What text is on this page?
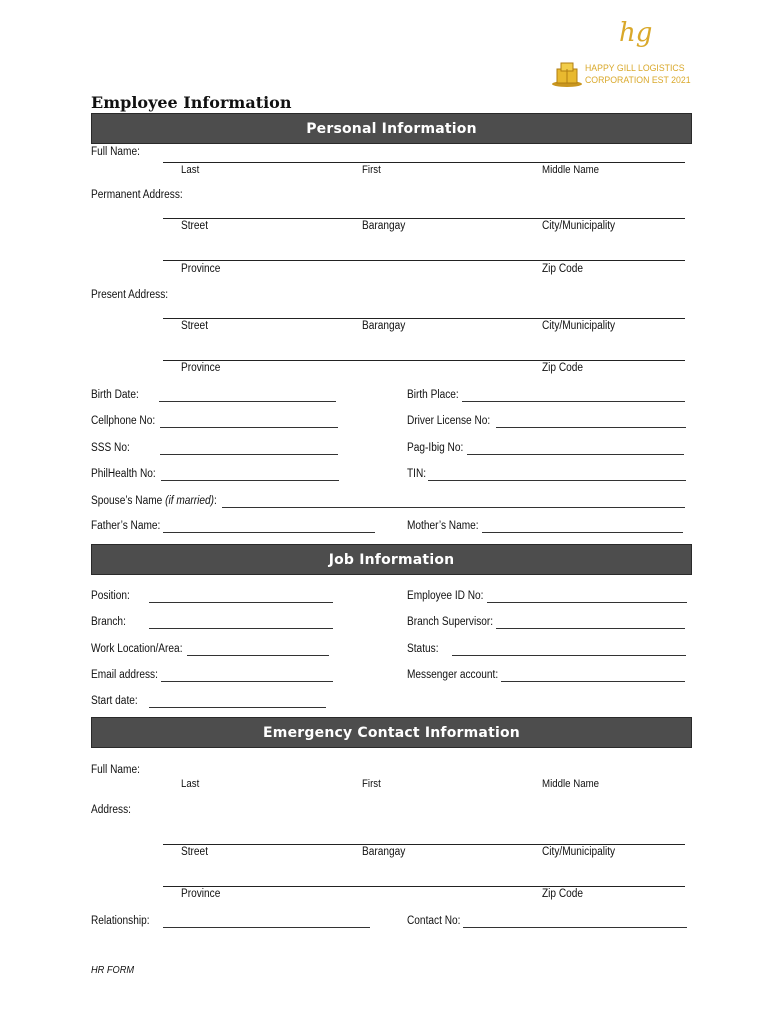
hg
HAPPY GILL LOGISTICS
CORPORATION EST 2021
Employee Information
Personal Information
Full Name:
Last	First	Middle Name
Permanent Address:
Street	Barangay	City/Municipality
Province	Zip Code
Present Address:
Street	Barangay	City/Municipality
Province	Zip Code
Birth Date:	Birth Place:
Cellphone No:	Driver License No:
SSS No:	Pag-Ibig No:
PhilHealth No:	TIN:
Spouse’s Name (if married):
Father’s Name:	Mother’s Name:
Job Information
Position:	Employee ID No:
Branch:	Branch Supervisor:
Work Location/Area:	Status:
Email address:	Messenger account:
Start date:
Emergency Contact Information
Full Name:
Last	First	Middle Name
Address:
Street	Barangay	City/Municipality
Province	Zip Code
Relationship:	Contact No:
HR FORM
